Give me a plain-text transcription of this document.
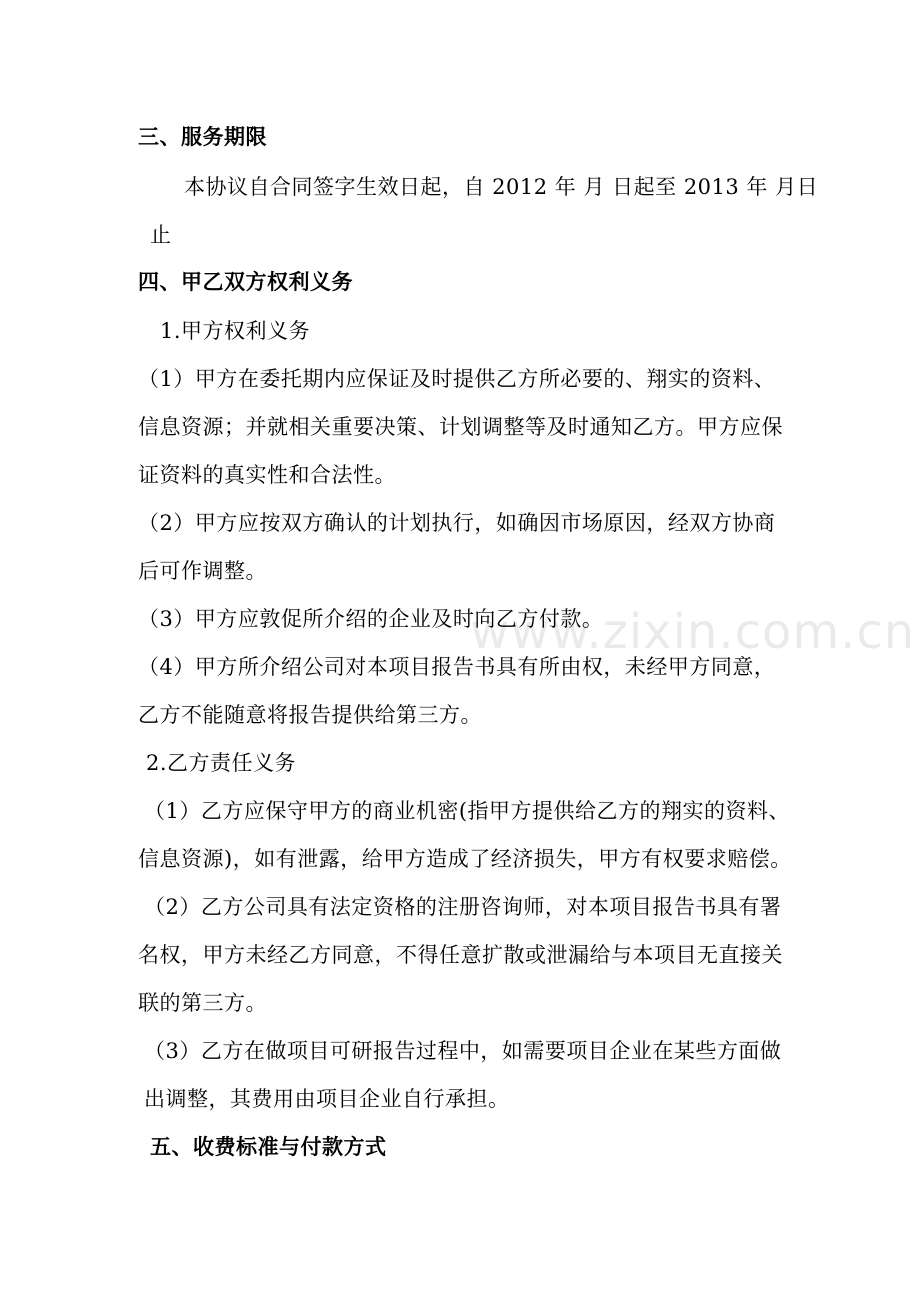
三、服务期限
本协议自合同签字生效日起，自 2012 年 月 日起至 2013 年 月日
止
四、甲乙双方权利义务
1.甲方权利义务
（1）甲方在委托期内应保证及时提供乙方所必要的、翔实的资料、
信息资源；并就相关重要决策、计划调整等及时通知乙方。甲方应保
证资料的真实性和合法性。
（2）甲方应按双方确认的计划执行，如确因市场原因，经双方协商
后可作调整。
（3）甲方应敦促所介绍的企业及时向乙方付款。
（4）甲方所介绍公司对本项目报告书具有所由权，未经甲方同意，
乙方不能随意将报告提供给第三方。
2.乙方责任义务
（1）乙方应保守甲方的商业机密(指甲方提供给乙方的翔实的资料、
信息资源)，如有泄露，给甲方造成了经济损失，甲方有权要求赔偿。
（2）乙方公司具有法定资格的注册咨询师，对本项目报告书具有署
名权，甲方未经乙方同意，不得任意扩散或泄漏给与本项目无直接关
联的第三方。
（3）乙方在做项目可研报告过程中，如需要项目企业在某些方面做
出调整，其费用由项目企业自行承担。
五、收费标准与付款方式
www.zixin.com.cn
